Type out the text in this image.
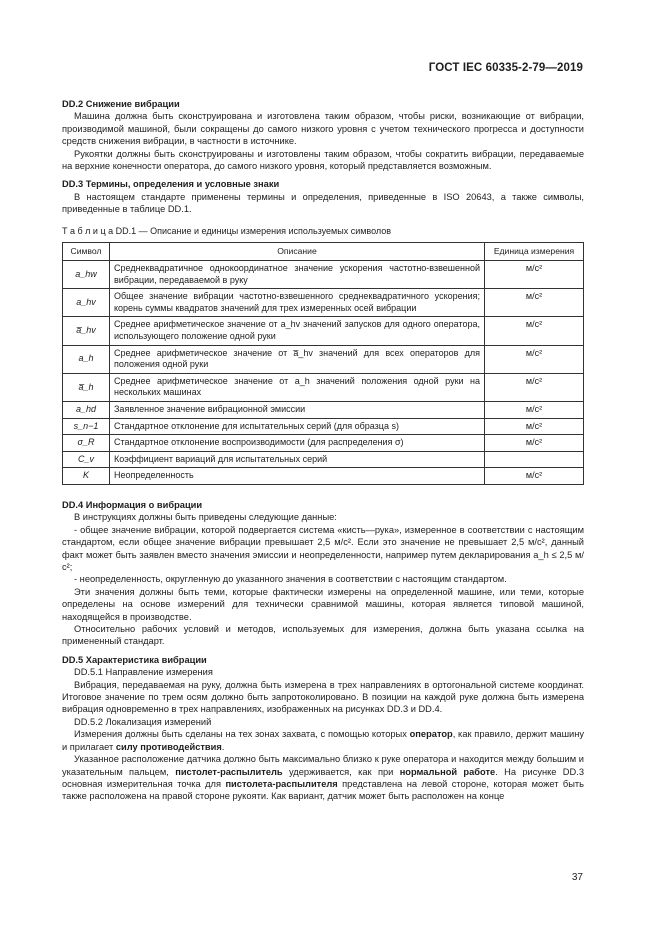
ГОСТ IEC 60335-2-79—2019
DD.2 Снижение вибрации

Машина должна быть сконструирована и изготовлена таким образом, чтобы риски, возникающие от вибрации, производимой машиной, были сокращены до самого низкого уровня с учетом технического прогресса и доступности средств снижения вибрации, в частности в источнике.

Рукоятки должны быть сконструированы и изготовлены таким образом, чтобы сократить вибрации, передаваемые на верхние конечности оператора, до самого низкого уровня, который представляется возможным.

DD.3 Термины, определения и условные знаки

В настоящем стандарте применены термины и определения, приведенные в ISO 20643, а также символы, приведенные в таблице DD.1.

Т а б л и ц а DD.1 — Описание и единицы измерения используемых символов
Символ	Описание	Единица измерения
a_hw	Среднеквадратичное однокоординатное значение ускорения частотно-взвешенной вибрации, передаваемой в руку	м/с²
a_hv	Общее значение вибрации частотно-взвешенного среднеквадратичного ускорения; корень суммы квадратов значений для трех измеренных осей вибрации	м/с²
a̅_hv	Среднее арифметическое значение от a_hv значений запусков для одного оператора, использующего положение одной руки	м/с²
a_h	Среднее арифметическое значение от a̅_hv значений для всех операторов для положения одной руки	м/с²
a̅_h	Среднее арифметическое значение от a_h значений положения одной руки на нескольких машинах	м/с²
a_hd	Заявленное значение вибрационной эмиссии	м/с²
s_n−1	Стандартное отклонение для испытательных серий (для образца s)	м/с²
σ_R	Стандартное отклонение воспроизводимости (для распределения σ)	м/с²
C_v	Коэффициент вариаций для испытательных серий	
K	Неопределенность	м/с²
DD.4 Информация о вибрации

В инструкциях должны быть приведены следующие данные:

- общее значение вибрации, которой подвергается система «кисть—рука», измеренное в соответствии с настоящим стандартом, если общее значение вибрации превышает 2,5 м/с². Если это значение не превышает 2,5 м/с², данный факт может быть заявлен вместо значения эмиссии и неопределенности, например путем декларирования a_h ≤ 2,5 м/с²;

- неопределенность, округленную до указанного значения в соответствии с настоящим стандартом.

Эти значения должны быть теми, которые фактически измерены на определенной машине, или теми, которые определены на основе измерений для технически сравнимой машины, которая является типовой машиной, находящейся в производстве.

Относительно рабочих условий и методов, используемых для измерения, должна быть указана ссылка на примененный стандарт.

DD.5 Характеристика вибрации

DD.5.1 Направление измерения

Вибрация, передаваемая на руку, должна быть измерена в трех направлениях в ортогональной системе координат. Итоговое значение по трем осям должно быть запротоколировано. В позиции на каждой руке должна быть измерена вибрация одновременно в трех направлениях, изображенных на рисунках DD.3 и DD.4.

DD.5.2 Локализация измерений

Измерения должны быть сделаны на тех зонах захвата, с помощью которых оператор, как правило, держит машину и прилагает силу противодействия.

Указанное расположение датчика должно быть максимально близко к руке оператора и находится между большим и указательным пальцем, пистолет-распылитель удерживается, как при нормальной работе. На рисунке DD.3 основная измерительная точка для пистолета-распылителя представлена на левой стороне, которая может быть также расположена на правой стороне рукояти. Как вариант, датчик может быть расположен на конце

37
